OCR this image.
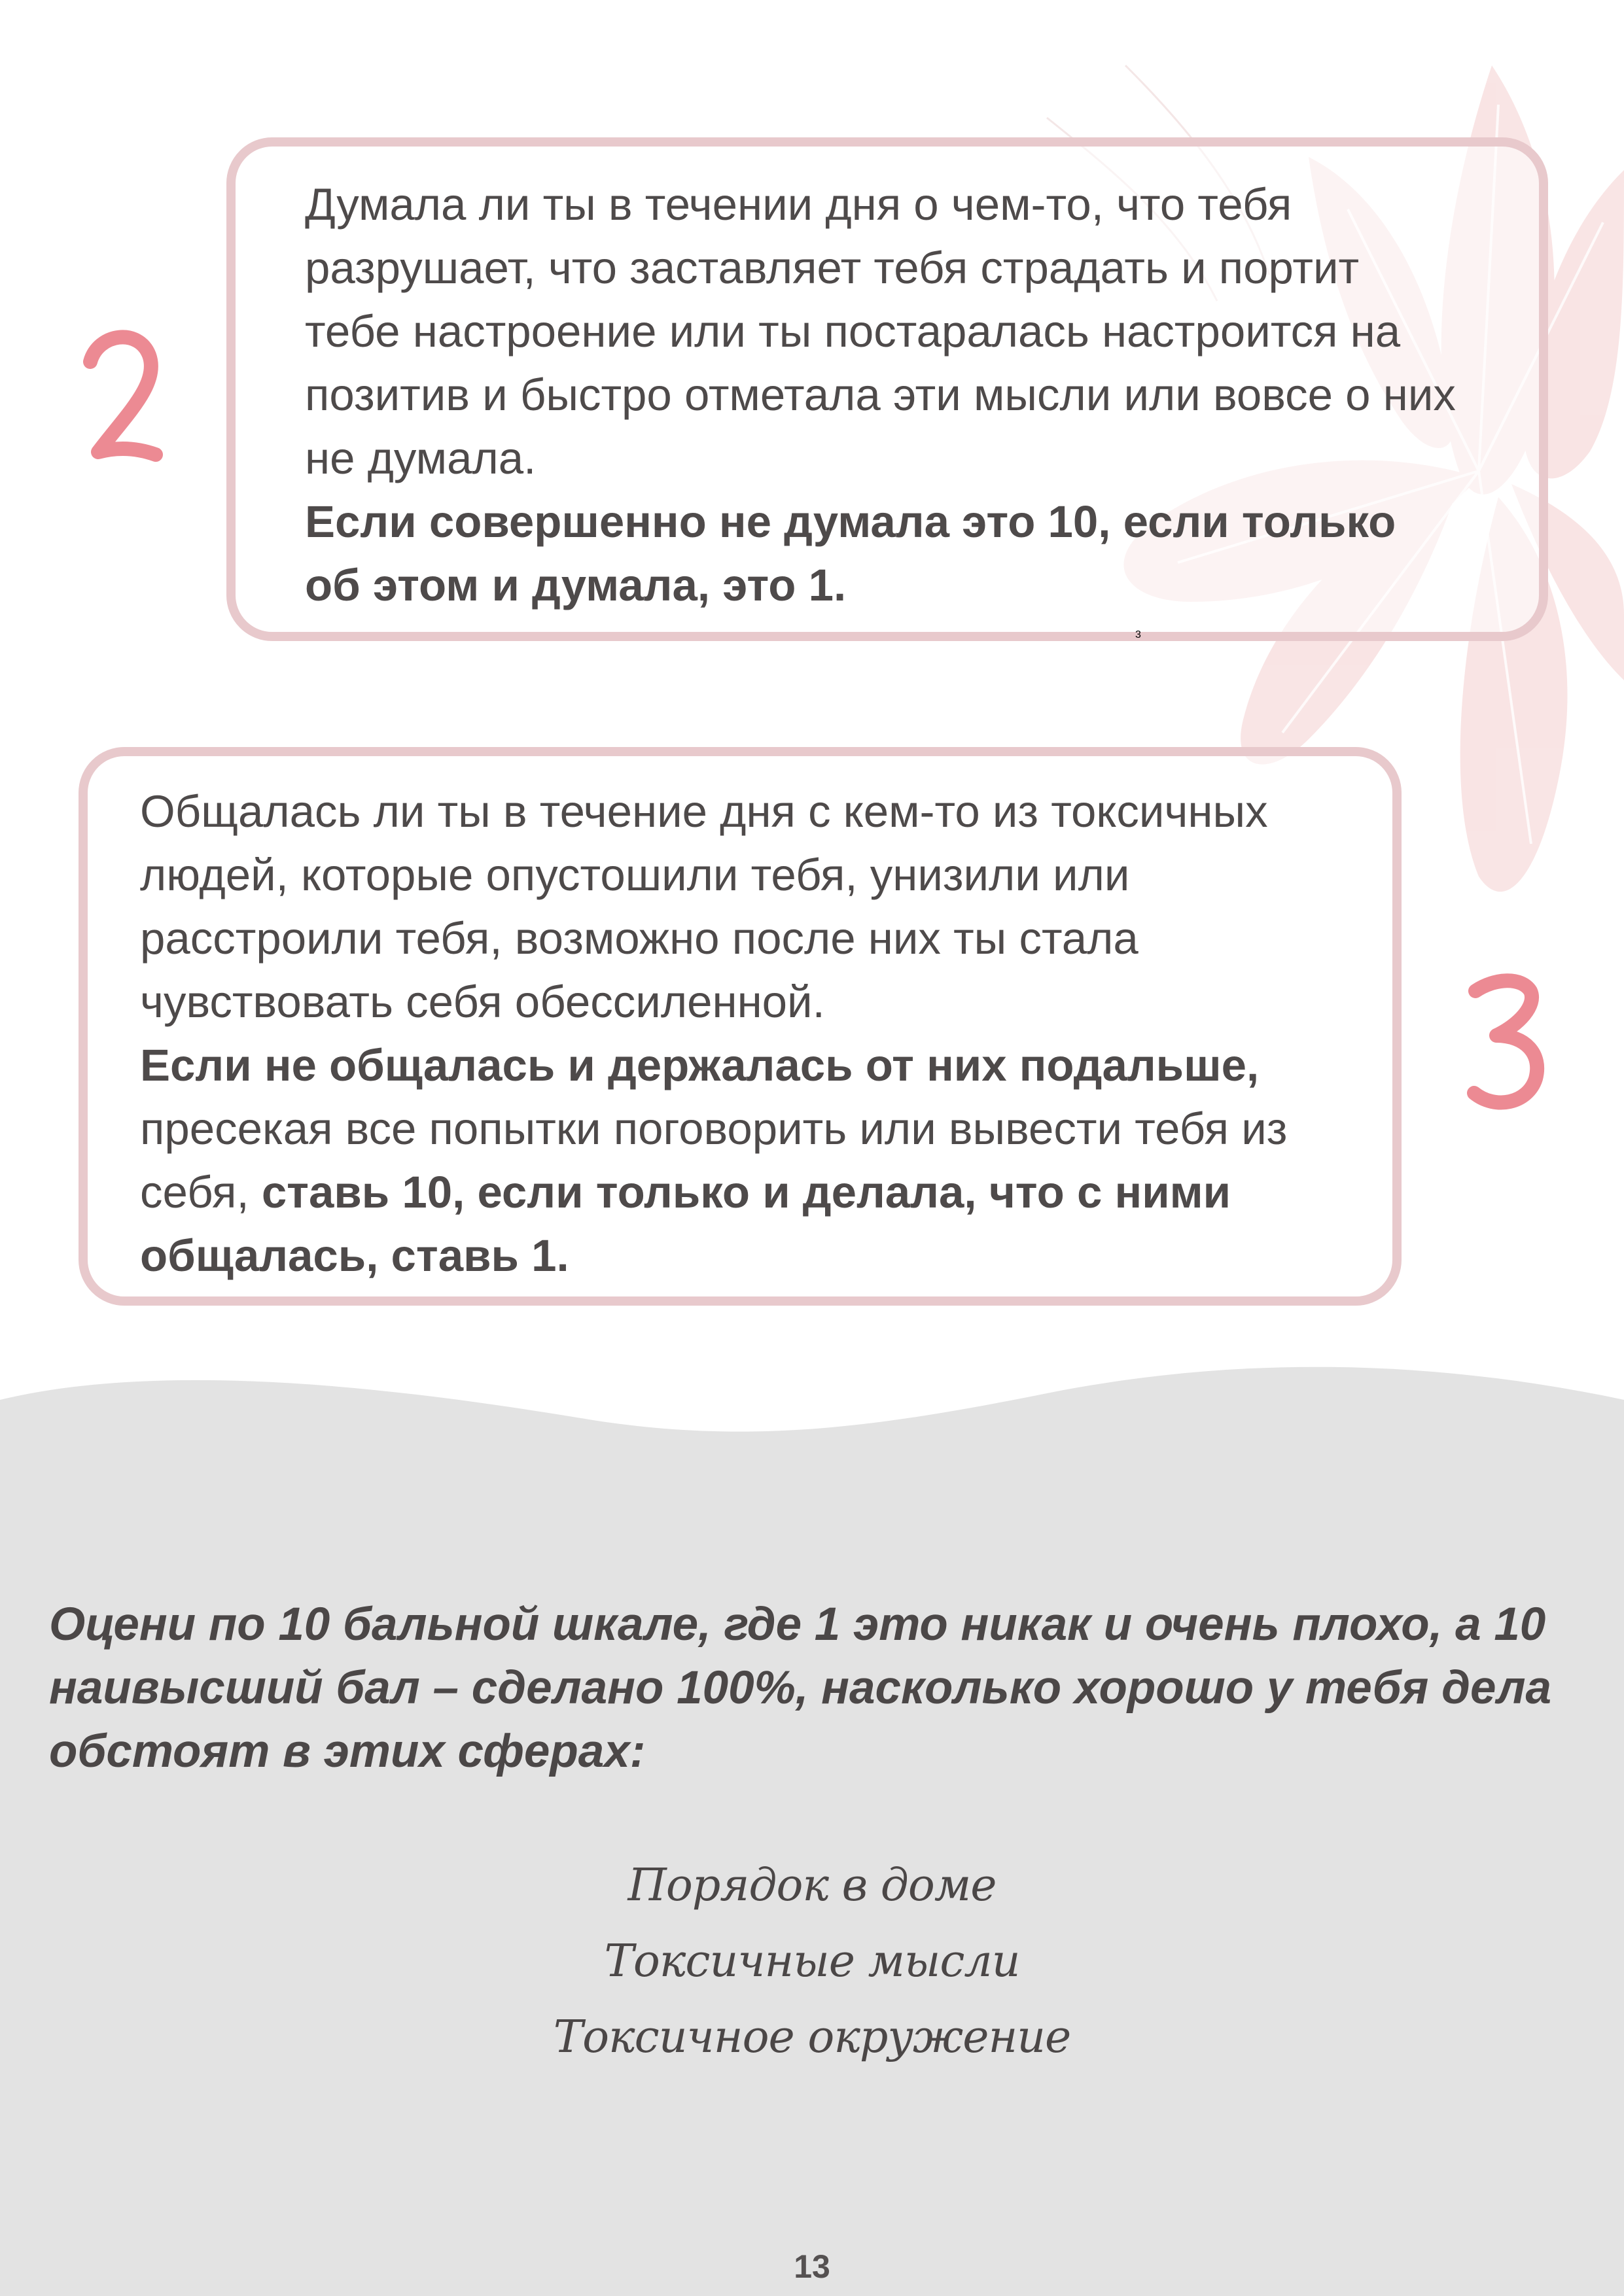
Думала ли ты в течении дня о чем-то, что тебя
разрушает, что заставляет тебя страдать и портит
тебе настроение или ты постаралась настроится на
позитив и быстро отметала эти мысли или вовсе о них
не думала.
Если совершенно не думала это 10, если только
об этом и думала, это 1.

Общалась ли ты в течение дня с кем-то из токсичных
людей, которые опустошили тебя, унизили или
расстроили тебя, возможно после них ты стала
чувствовать себя обессиленной.
Если не общалась и держалась от них подальше,
пресекая все попытки поговорить или вывести тебя из
себя, ставь 10, если только и делала, что с ними
общалась, ставь 1.

3

Оцени по 10 бальной шкале, где 1 это никак и очень плохо, а 10
наивысший бал – сделано 100%, насколько хорошо у тебя дела
обстоят в этих сферах:

Порядок в доме
Токсичные мысли
Токсичное окружение
13
